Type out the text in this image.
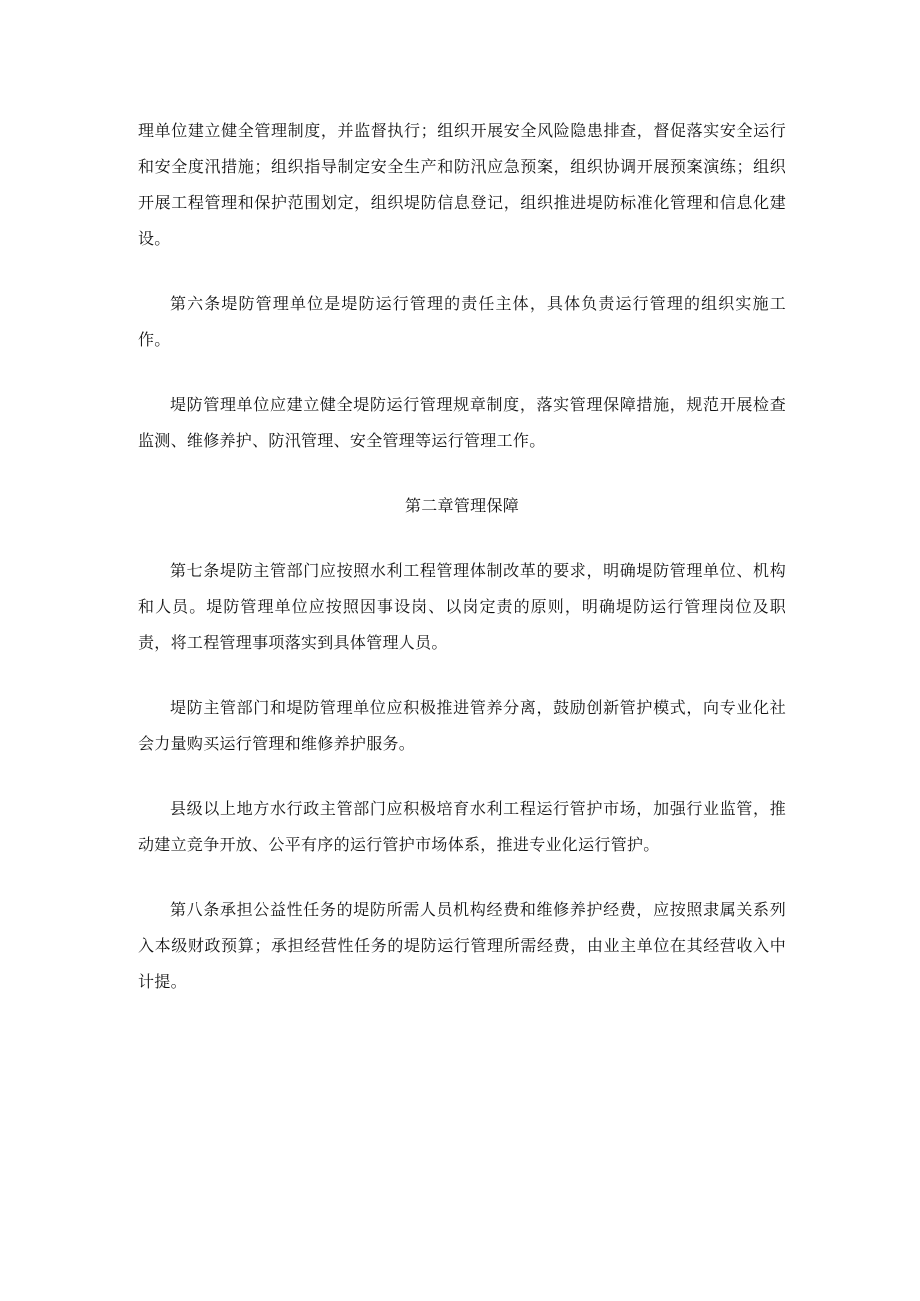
理单位建立健全管理制度，并监督执行；组织开展安全风险隐患排查，督促落实安全运行和安全度汛措施；组织指导制定安全生产和防汛应急预案，组织协调开展预案演练；组织开展工程管理和保护范围划定，组织堤防信息登记，组织推进堤防标准化管理和信息化建设。

第六条堤防管理单位是堤防运行管理的责任主体，具体负责运行管理的组织实施工作。

堤防管理单位应建立健全堤防运行管理规章制度，落实管理保障措施，规范开展检查监测、维修养护、防汛管理、安全管理等运行管理工作。

第二章管理保障

第七条堤防主管部门应按照水利工程管理体制改革的要求，明确堤防管理单位、机构和人员。堤防管理单位应按照因事设岗、以岗定责的原则，明确堤防运行管理岗位及职责，将工程管理事项落实到具体管理人员。

堤防主管部门和堤防管理单位应积极推进管养分离，鼓励创新管护模式，向专业化社会力量购买运行管理和维修养护服务。

县级以上地方水行政主管部门应积极培育水利工程运行管护市场，加强行业监管，推动建立竞争开放、公平有序的运行管护市场体系，推进专业化运行管护。

第八条承担公益性任务的堤防所需人员机构经费和维修养护经费，应按照隶属关系列入本级财政预算；承担经营性任务的堤防运行管理所需经费，由业主单位在其经营收入中计提。
